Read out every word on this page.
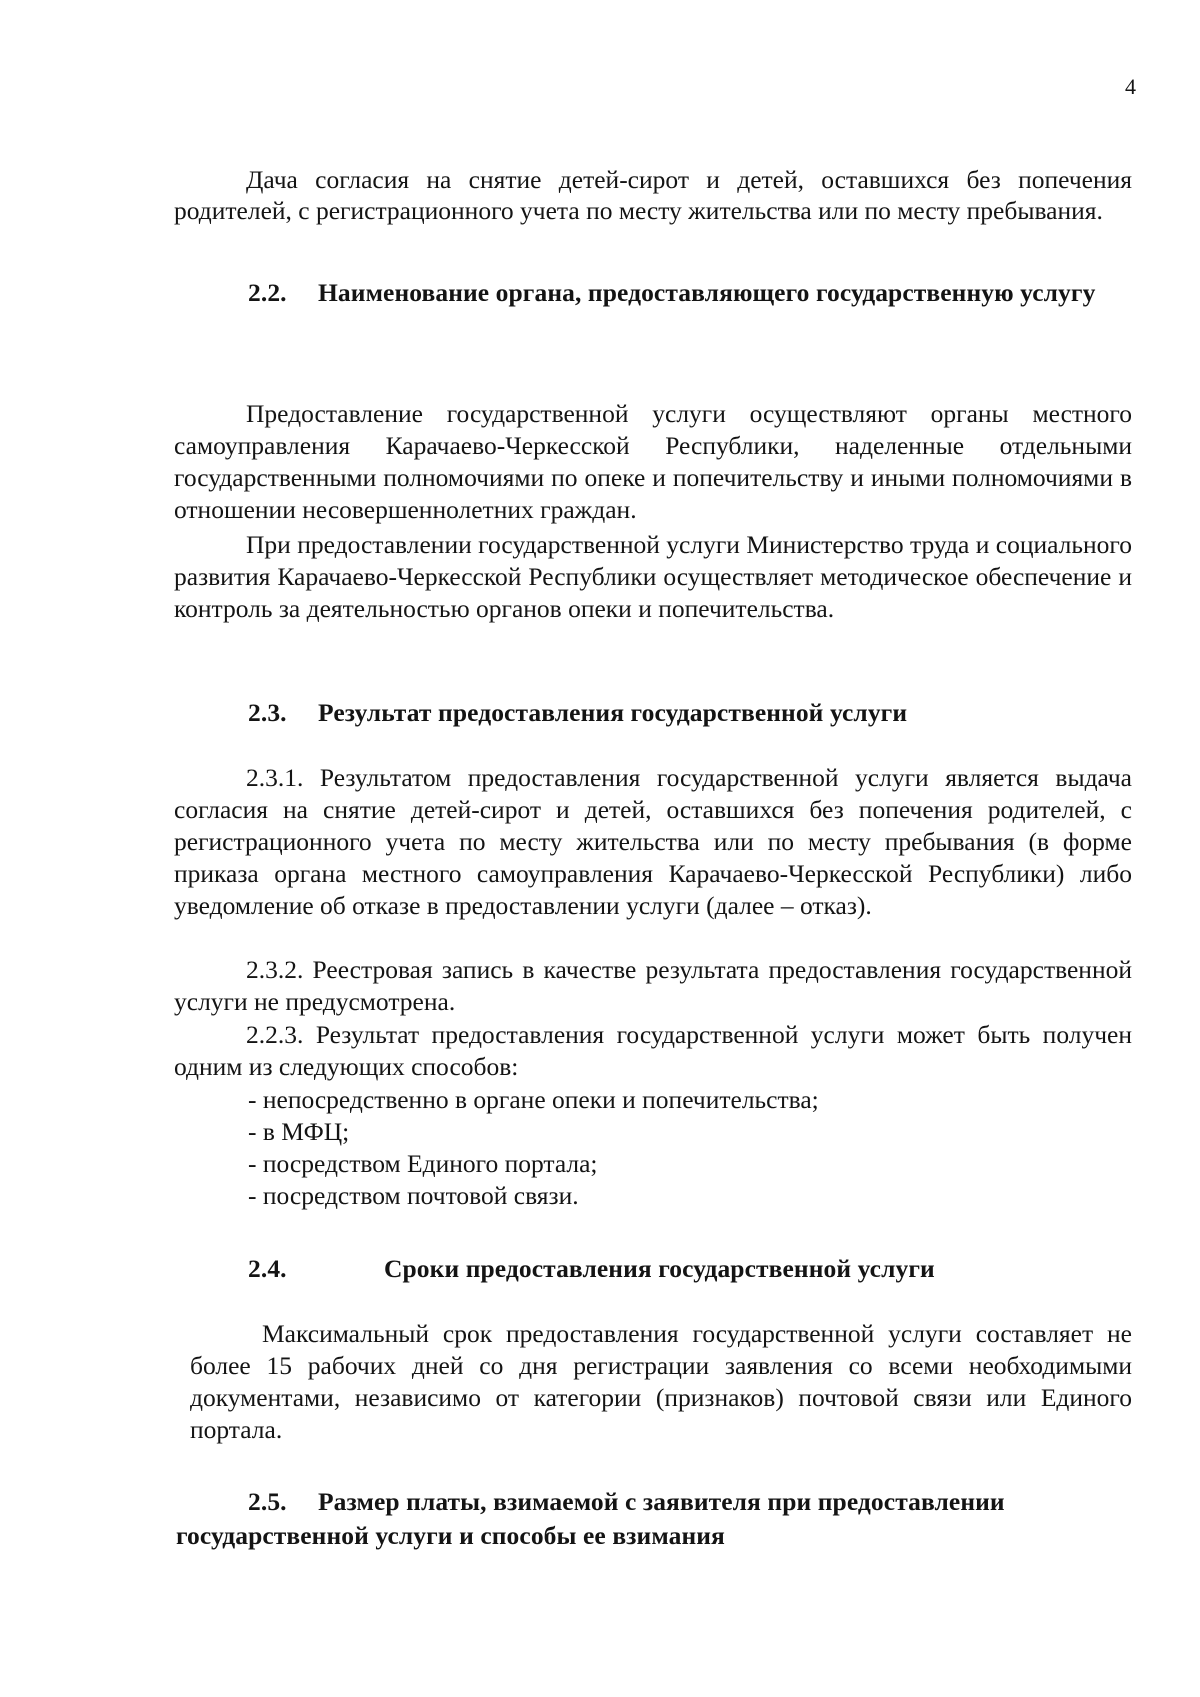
4

Дача согласия на снятие детей-сирот и детей, оставшихся без попечения родителей, с регистрационного учета по месту жительства или по месту пребывания.

2.2. Наименование органа, предоставляющего государственную услугу

Предоставление государственной услуги осуществляют органы местного самоуправления Карачаево-Черкесской Республики, наделенные отдельными государственными полномочиями по опеке и попечительству и иными полномочиями в отношении несовершеннолетних граждан.

При предоставлении государственной услуги Министерство труда и социального развития Карачаево-Черкесской Республики осуществляет методическое обеспечение и контроль за деятельностью органов опеки и попечительства.

2.3. Результат предоставления государственной услуги

2.3.1. Результатом предоставления государственной услуги является выдача согласия на снятие детей-сирот и детей, оставшихся без попечения родителей, с регистрационного учета по месту жительства или по месту пребывания (в форме приказа органа местного самоуправления Карачаево-Черкесской Республики) либо уведомление об отказе в предоставлении услуги (далее – отказ).

2.3.2. Реестровая запись в качестве результата предоставления государственной услуги не предусмотрена.

2.2.3. Результат предоставления государственной услуги может быть получен одним из следующих способов:

- непосредственно в органе опеки и попечительства;

- в МФЦ;

- посредством Единого портала;

- посредством почтовой связи.

2.4.	Сроки предоставления государственной услуги

Максимальный срок предоставления государственной услуги составляет не более 15 рабочих дней со дня регистрации заявления со всеми необходимыми документами, независимо от категории (признаков) почтовой связи или Единого портала.

2.5. Размер платы, взимаемой с заявителя при предоставлении государственной услуги и способы ее взимания
